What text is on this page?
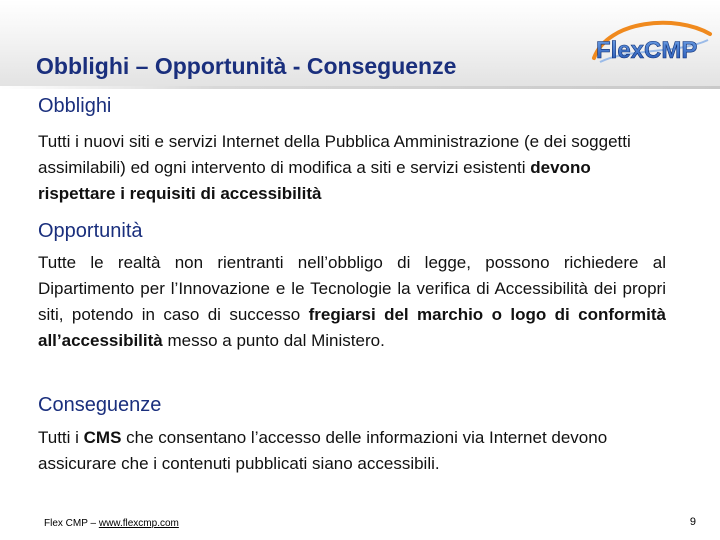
Obblighi – Opportunità - Conseguenze
FlexCMP
Obblighi

Tutti i nuovi siti e servizi Internet della Pubblica Amministrazione (e dei soggetti assimilabili) ed ogni intervento di modifica a siti e servizi esistenti devono rispettare i requisiti di accessibilità

Opportunità

Tutte le realtà non rientranti nell’obbligo di legge, possono richiedere al Dipartimento per l’Innovazione e le Tecnologie la verifica di Accessibilità dei propri siti, potendo in caso di successo fregiarsi del marchio o logo di conformità all’accessibilità messo a punto dal Ministero.

Conseguenze

Tutti i CMS che consentano l’accesso delle informazioni via Internet devono assicurare che i contenuti pubblicati siano accessibili.

Flex CMP – www.flexcmp.com	9
